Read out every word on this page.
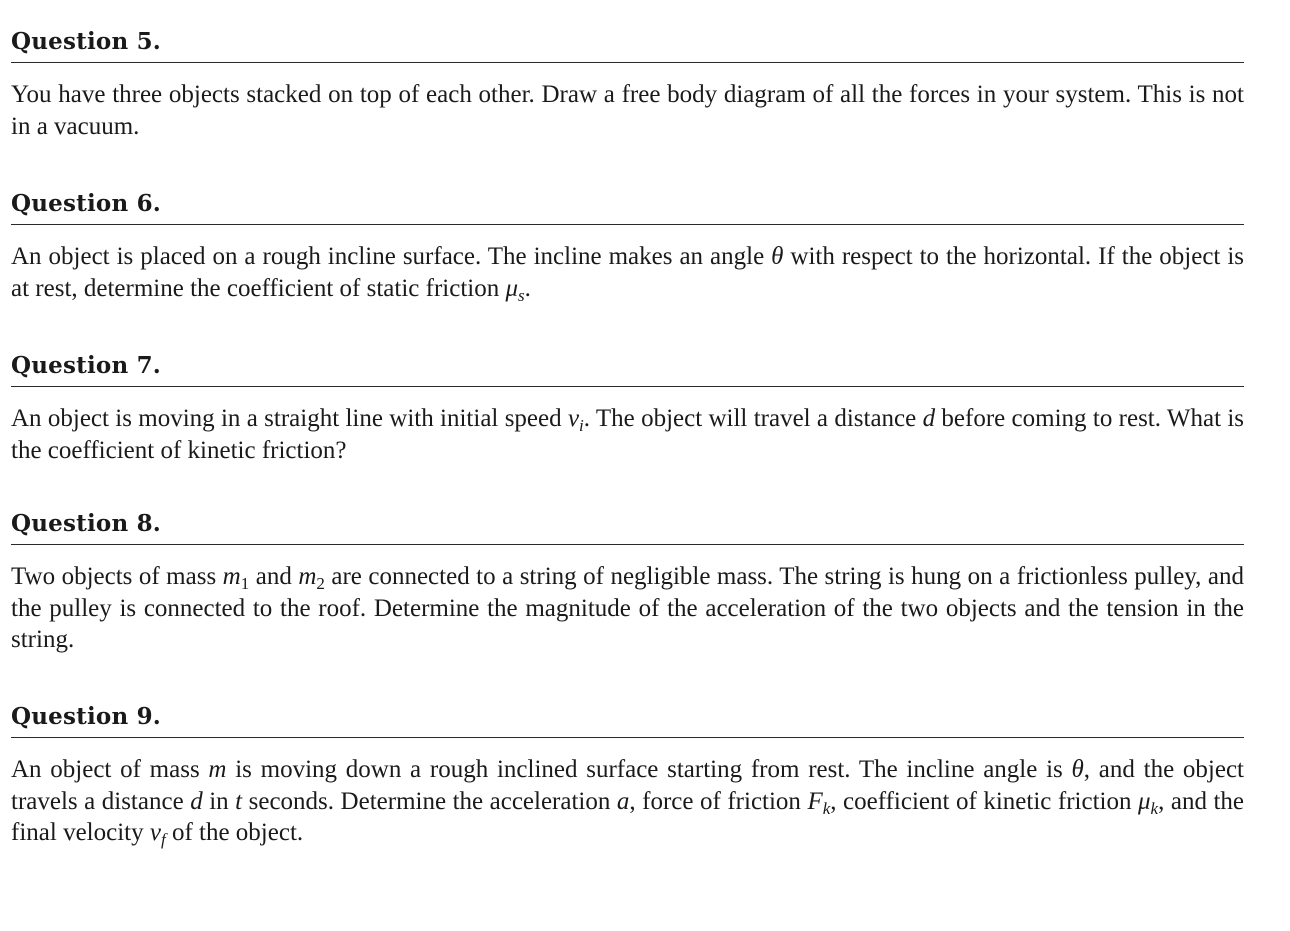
Question 5.

You have three objects stacked on top of each other. Draw a free body diagram of all the forces in your system. This is not in a vacuum.

Question 6.

An object is placed on a rough incline surface. The incline makes an angle θ with respect to the horizontal. If the object is at rest, determine the coefficient of static friction $\mu_s$.

Question 7.

An object is moving in a straight line with initial speed $v_i$. The object will travel a distance d before coming to rest. What is the coefficient of kinetic friction?

Question 8.

Two objects of mass $m_1$ and $m_2$ are connected to a string of negligible mass. The string is hung on a frictionless pulley, and the pulley is connected to the roof. Determine the magnitude of the acceleration of the two objects and the tension in the string.

Question 9.

An object of mass m is moving down a rough inclined surface starting from rest. The incline angle is θ, and the object travels a distance d in t seconds. Determine the acceleration a, force of friction $F_k$, coefficient of kinetic friction $\mu_k$, and the final velocity $v_f$ of the object.
